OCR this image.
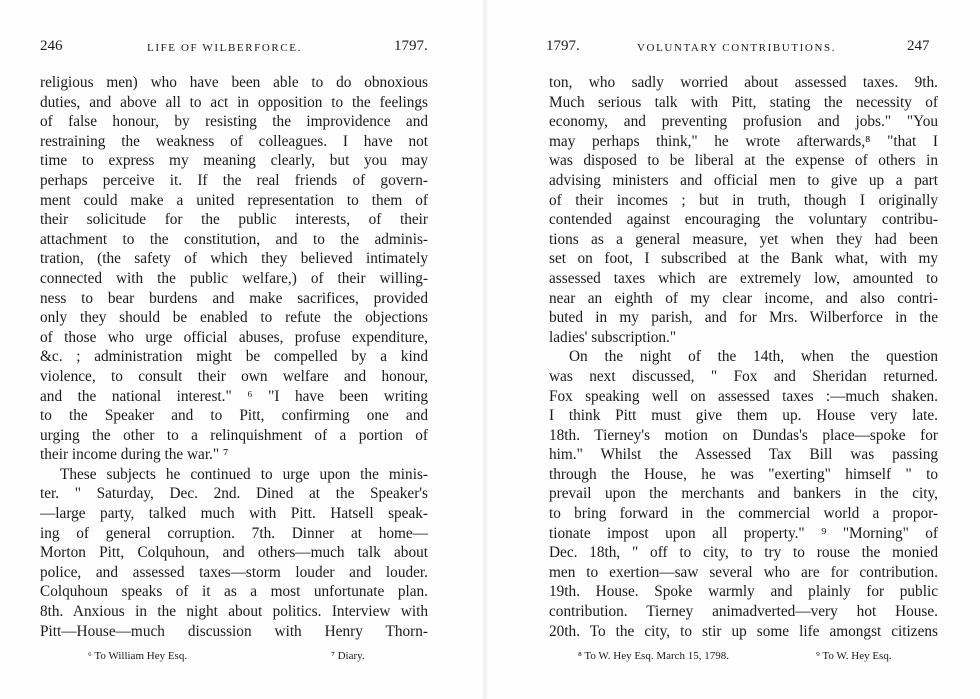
246	LIFE OF WILBERFORCE.	1797.
religious men) who have been able to do obnoxious
duties, and above all to act in opposition to the feelings
of false honour, by resisting the improvidence and
restraining the weakness of colleagues. I have not
time to express my meaning clearly, but you may
perhaps perceive it. If the real friends of govern-
ment could make a united representation to them of
their solicitude for the public interests, of their
attachment to the constitution, and to the adminis-
tration, (the safety of which they believed intimately
connected with the public welfare,) of their willing-
ness to bear burdens and make sacrifices, provided
only they should be enabled to refute the objections
of those who urge official abuses, profuse expenditure,
&c. ; administration might be compelled by a kind
violence, to consult their own welfare and honour,
and the national interest." ⁶ "I have been writing
to the Speaker and to Pitt, confirming one and
urging the other to a relinquishment of a portion of
their income during the war." ⁷
These subjects he continued to urge upon the minis-
ter. " Saturday, Dec. 2nd. Dined at the Speaker's
—large party, talked much with Pitt. Hatsell speak-
ing of general corruption. 7th. Dinner at home—
Morton Pitt, Colquhoun, and others—much talk about
police, and assessed taxes—storm louder and louder.
Colquhoun speaks of it as a most unfortunate plan.
8th. Anxious in the night about politics. Interview with
Pitt—House—much discussion with Henry Thorn-
⁶ To William Hey Esq.	⁷ Diary.
1797.	VOLUNTARY CONTRIBUTIONS.	247
ton, who sadly worried about assessed taxes. 9th.
Much serious talk with Pitt, stating the necessity of
economy, and preventing profusion and jobs." "You
may perhaps think," he wrote afterwards,⁸ "that I
was disposed to be liberal at the expense of others in
advising ministers and official men to give up a part
of their incomes ; but in truth, though I originally
contended against encouraging the voluntary contribu-
tions as a general measure, yet when they had been
set on foot, I subscribed at the Bank what, with my
assessed taxes which are extremely low, amounted to
near an eighth of my clear income, and also contri-
buted in my parish, and for Mrs. Wilberforce in the
ladies' subscription."
On the night of the 14th, when the question
was next discussed, " Fox and Sheridan returned.
Fox speaking well on assessed taxes :—much shaken.
I think Pitt must give them up. House very late.
18th. Tierney's motion on Dundas's place—spoke for
him." Whilst the Assessed Tax Bill was passing
through the House, he was "exerting" himself " to
prevail upon the merchants and bankers in the city,
to bring forward in the commercial world a propor-
tionate impost upon all property." ⁹ "Morning" of
Dec. 18th, " off to city, to try to rouse the monied
men to exertion—saw several who are for contribution.
19th. House. Spoke warmly and plainly for public
contribution. Tierney animadverted—very hot House.
20th. To the city, to stir up some life amongst citizens
⁸ To W. Hey Esq. March 15, 1798.	⁹ To W. Hey Esq.
